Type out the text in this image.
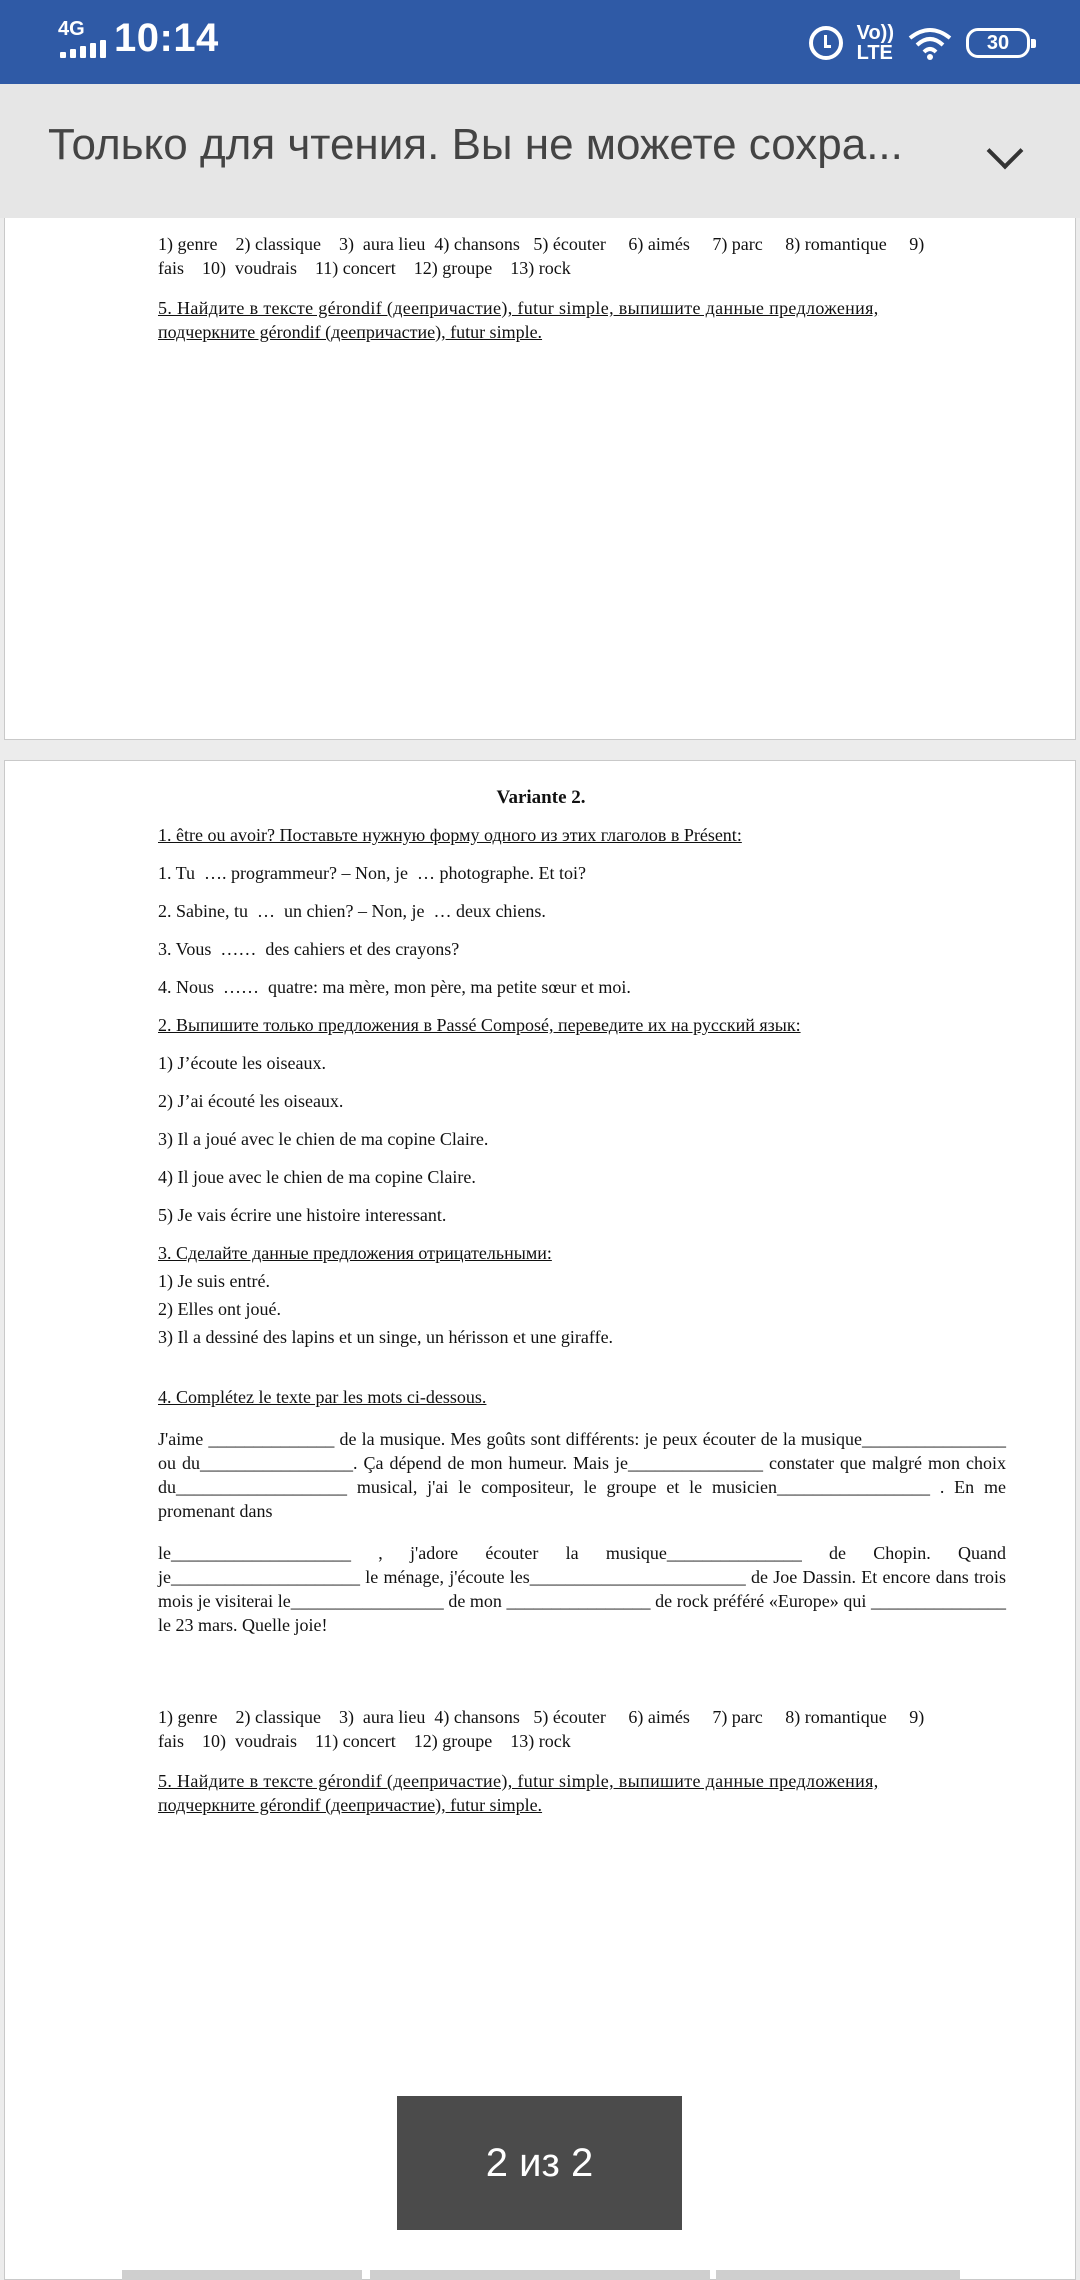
4G 10:14	Vo))
LTE	30
Только для чтения. Вы не можете сохра...
1) genre    2) classique    3)  aura lieu  4) chansons   5) écouter     6) aimés     7) parc     8) romantique     9)
fais    10)  voudrais    11) concert    12) groupe    13) rock
5. Найдите в тексте gérondif (деепричастие), futur simple, выпишите данные предложения,
подчеркните gérondif (деепричастие), futur simple.
Variante 2.
1. être ou avoir? Поставьте нужную форму одного из этих глаголов в Présent:
1. Tu  …. programmeur? – Non, je  … photographe. Et toi?
2. Sabine, tu  …  un chien? – Non, je  … deux chiens.
3. Vous  ……  des cahiers et des crayons?
4. Nous  ……  quatre: ma mère, mon père, ma petite sœur et moi.
2. Выпишите только предложения в Passé Composé, переведите их на русский язык:
1) J’écoute les oiseaux.
2) J’ai écouté les oiseaux.
3) Il a joué avec le chien de ma copine Claire.
4) Il joue avec le chien de ma copine Claire.
5) Je vais écrire une histoire interessant.
3. Сделайте данные предложения отрицательными:
1) Je suis entré.
2) Elles ont joué.
3) Il a dessiné des lapins et un singe, un hérisson et une giraffe.
4. Complétez le texte par les mots ci-dessous.
J'aime ______________ de la musique. Mes goûts sont différents: je peux écouter de la musique________________ ou du_________________. Ça dépend de mon humeur. Mais je_______________ constater que malgré mon choix du___________________ musical, j'ai le compositeur, le groupe et le musicien_________________ . En me promenant dans
le____________________ , j'adore écouter la musique_______________ de Chopin. Quand je_____________________ le ménage, j'écoute les________________________ de Joe Dassin. Et encore dans trois mois je visiterai le_________________ de mon ________________ de rock préféré «Europe» qui _______________ le 23 mars. Quelle joie!
1) genre    2) classique    3)  aura lieu  4) chansons   5) écouter     6) aimés     7) parc     8) romantique     9)
fais    10)  voudrais    11) concert    12) groupe    13) rock
5. Найдите в тексте gérondif (деепричастие), futur simple, выпишите данные предложения,
подчеркните gérondif (деепричастие), futur simple.
2 из 2
